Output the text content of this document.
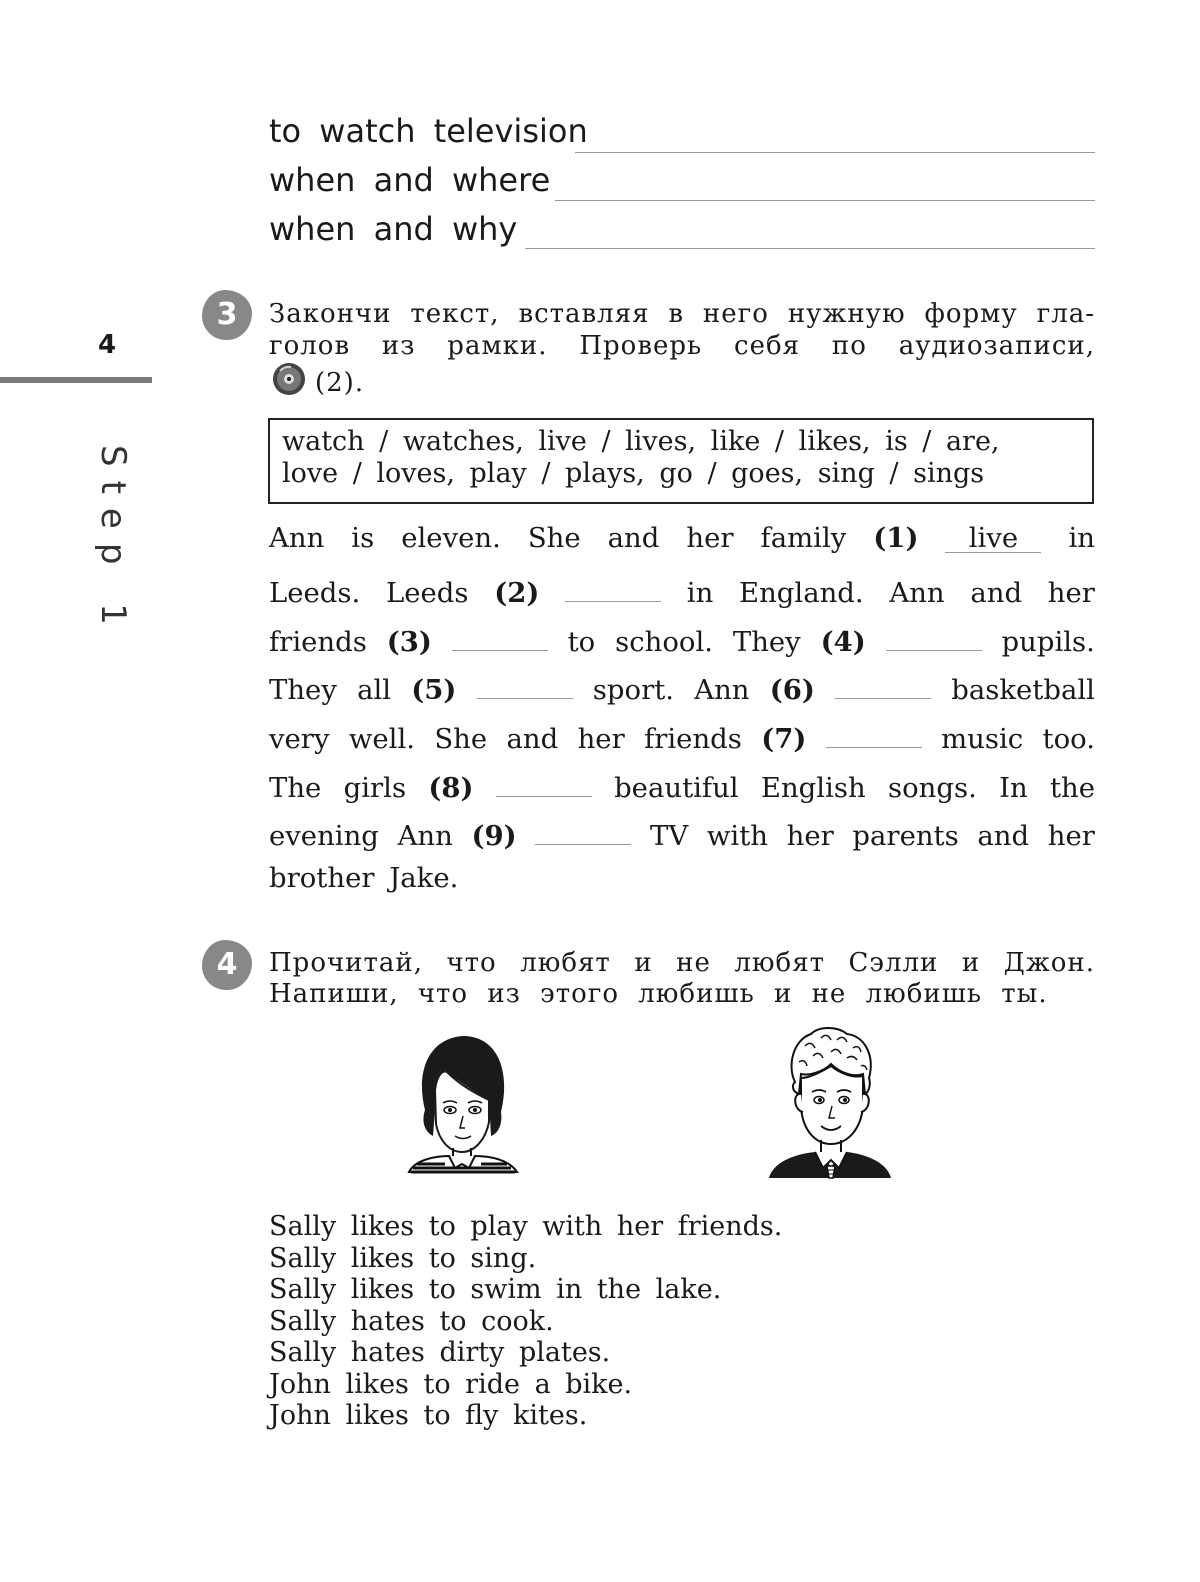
to watch television
when and where
when and why
4
Step 1
3	Закончи текст, вставляя в него нужную форму гла-
голов из рамки. Проверь себя по аудиозаписи,
(2).
watch / watches, live / lives, like / likes, is / are,
love / loves, play / plays, go / goes, sing / sings
Ann is eleven. She and her family (1)	live	in
Leeds. Leeds (2)	in England. Ann and her
friends (3)	to school. They (4)	pupils.
They all (5)	sport. Ann (6)	basketball
very well. She and her friends (7)	music too.
The girls (8)	beautiful English songs. In the
evening Ann (9)	TV with her parents and her
brother Jake.
4	Прочитай, что любят и не любят Сэлли и Джон.
Напиши, что из этого любишь и не любишь ты.
Sally likes to play with her friends.
Sally likes to sing.
Sally likes to swim in the lake.
Sally hates to cook.
Sally hates dirty plates.
John likes to ride a bike.
John likes to fly kites.
